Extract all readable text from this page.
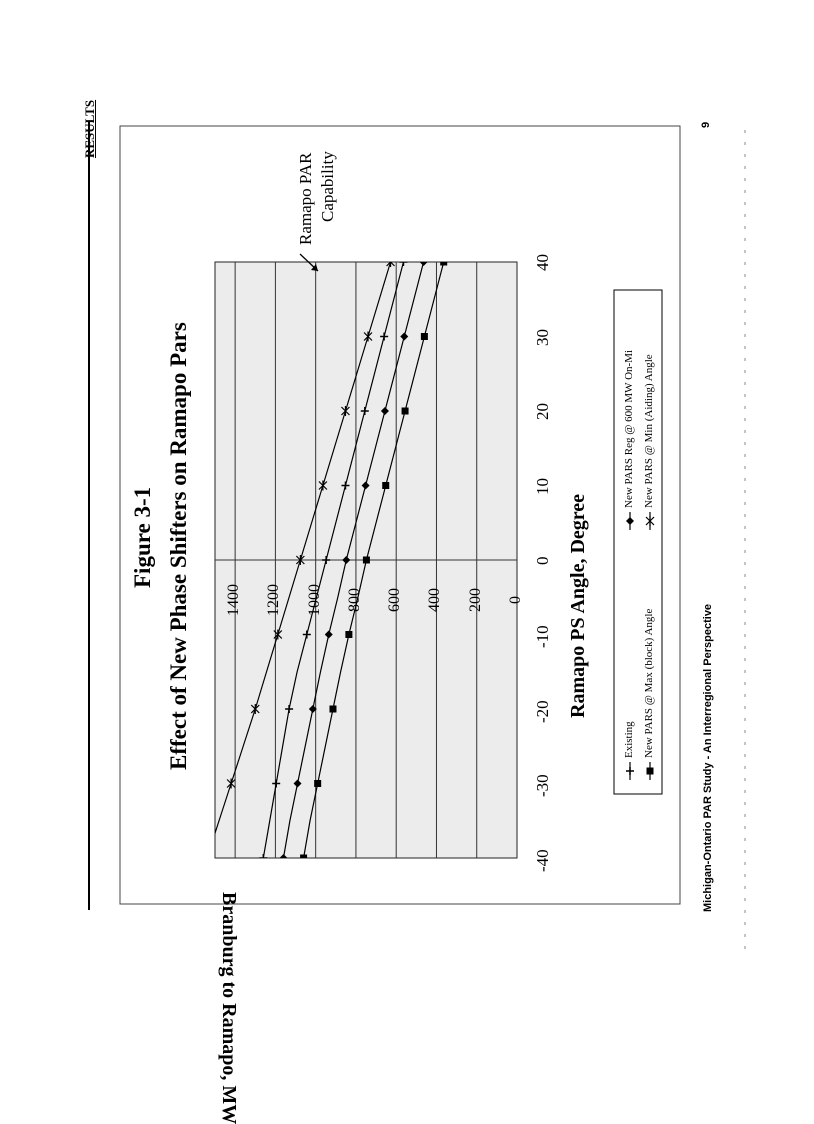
RESULTS	9
Michigan-Ontario PAR Study - An Interregional Perspective
Figure 3-1 Effect of New Phase Shifters on Ramapo Pars
Branburg to Ramapo, MW
Ramapo PS Angle, Degree
Ramapo PAR Capability
Existing
New PARS Reg @ 600 MW On-Mi
New PARS @ Max (block) Angle
New PARS @ Min (Aiding) Angle
0
200
400
600
800
1000
1200
1400
-40
-30
-20
-10
0
10
20
30
40
